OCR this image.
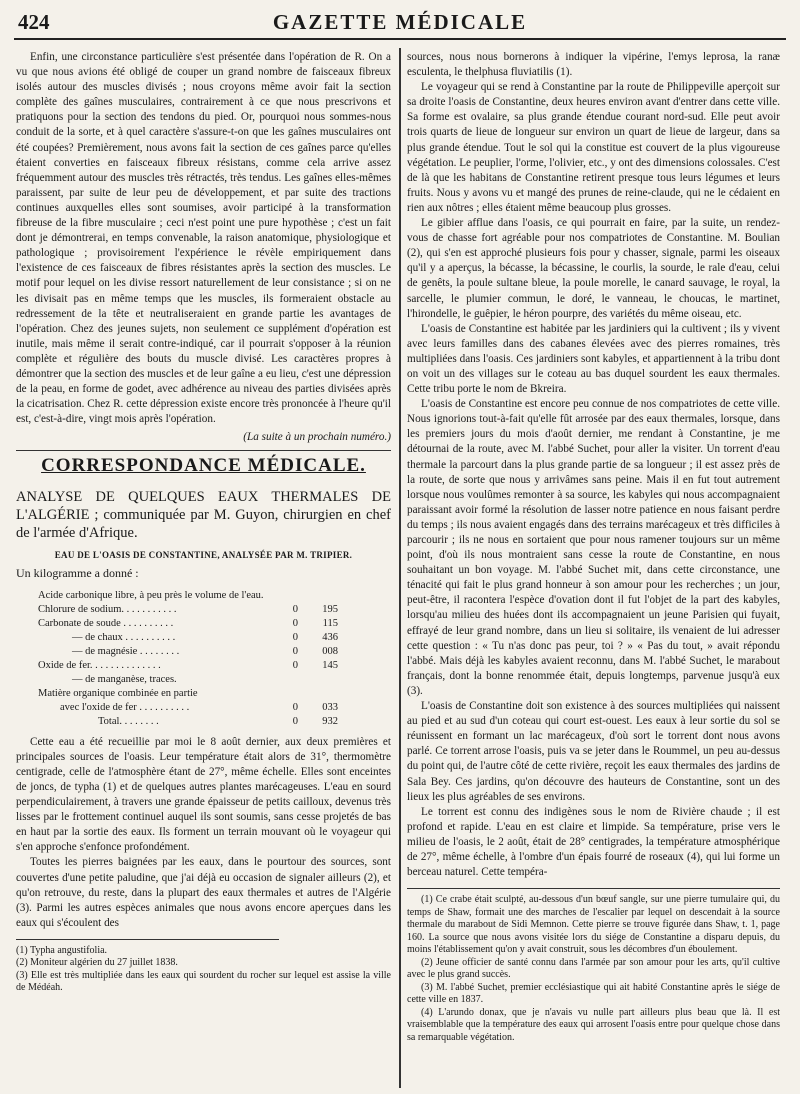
424	GAZETTE MÉDICALE

Enfin, une circonstance particulière s'est présentée dans l'opération de R. On a vu que nous avions été obligé de couper un grand nombre de faisceaux fibreux isolés autour des muscles divisés ; nous croyons même avoir fait la section complète des gaînes musculaires, contrairement à ce que nous prescrivons et pratiquons pour la section des tendons du pied. Or, pourquoi nous sommes-nous conduit de la sorte, et à quel caractère s'assure-t-on que les gaînes musculaires ont été coupées? Premièrement, nous avons fait la section de ces gaînes parce qu'elles étaient converties en faisceaux fibreux résistans, comme cela arrive assez fréquemment autour des muscles très rétractés, très tendus. Les gaînes elles-mêmes paraissent, par suite de leur peu de développement, et par suite des tractions continues auxquelles elles sont soumises, avoir participé à la transformation fibreuse de la fibre musculaire ; ceci n'est point une pure hypothèse ; c'est un fait dont je démontrerai, en temps convenable, la raison anatomique, physiologique et pathologique ; provisoirement l'expérience le révèle empiriquement dans l'existence de ces faisceaux de fibres résistantes après la section des muscles. Le motif pour lequel on les divise ressort naturellement de leur consistance ; si on ne les divisait pas en même temps que les muscles, ils formeraient obstacle au redressement de la tête et neutraliseraient en grande partie les avantages de l'opération. Chez des jeunes sujets, non seulement ce supplément d'opération est inutile, mais même il serait contre-indiqué, car il pourrait s'opposer à la réunion complète et régulière des bouts du muscle divisé. Les caractères propres à démontrer que la section des muscles et de leur gaîne a eu lieu, c'est une dépression de la peau, en forme de godet, avec adhérence au niveau des parties divisées après la cicatrisation. Chez R. cette dépression existe encore très prononcée à l'heure qu'il est, c'est-à-dire, vingt mois après l'opération.

(La suite à un prochain numéro.)
CORRESPONDANCE MÉDICALE.

ANALYSE DE QUELQUES EAUX THERMALES DE L'ALGÉRIE ; communiquée par M. Guyon, chirurgien en chef de l'armée d'Afrique.

EAU DE L'OASIS DE CONSTANTINE, ANALYSÉE PAR M. TRIPIER.

Un kilogramme a donné :

Acide carbonique libre, à peu près le volume de l'eau.		
Chlorure de sodium. . . . . . . . . . .	0	195
Carbonate de soude . . . . . . . . . .	0	115
— de chaux . . . . . . . . . .	0	436
— de magnésie . . . . . . . .	0	008
Oxide de fer. . . . . . . . . . . . . .	0	145
— de manganèse, traces.		
Matière organique combinée en partie		
avec l'oxide de fer . . . . . . . . . .	0	033
Total. . . . . . . .	0	932

Cette eau a été recueillie par moi le 8 août dernier, aux deux premières et principales sources de l'oasis. Leur température était alors de 31°, thermomètre centigrade, celle de l'atmosphère étant de 27°, même échelle. Elles sont enceintes de joncs, de typha (1) et de quelques autres plantes marécageuses. L'eau en sourd perpendiculairement, à travers une grande épaisseur de petits cailloux, devenus très lisses par le frottement continuel auquel ils sont soumis, sans cesse projetés de bas en haut par la sortie des eaux. Ils forment un terrain mouvant où le voyageur qui s'en approche s'enfonce profondément.

Toutes les pierres baignées par les eaux, dans le pourtour des sources, sont couvertes d'une petite paludine, que j'ai déjà eu occasion de signaler ailleurs (2), et qu'on retrouve, du reste, dans la plupart des eaux thermales et autres de l'Algérie (3). Parmi les autres espèces animales que nous avons encore aperçues dans les eaux qui s'écoulent des

(1) Typha angustifolia.
(2) Moniteur algérien du 27 juillet 1838.
(3) Elle est très multipliée dans les eaux qui sourdent du rocher sur lequel est assise la ville de Médéah.

sources, nous nous bornerons à indiquer la vipérine, l'emys leprosa, la ranæ esculenta, le thelphusa fluviatilis (1).

Le voyageur qui se rend à Constantine par la route de Philippeville aperçoit sur sa droite l'oasis de Constantine, deux heures environ avant d'entrer dans cette ville. Sa forme est ovalaire, sa plus grande étendue courant nord-sud. Elle peut avoir trois quarts de lieue de longueur sur environ un quart de lieue de largeur, dans sa plus grande étendue. Tout le sol qui la constitue est couvert de la plus vigoureuse végétation. Le peuplier, l'orme, l'olivier, etc., y ont des dimensions colossales. C'est de là que les habitans de Constantine retirent presque tous leurs légumes et leurs fruits. Nous y avons vu et mangé des prunes de reine-claude, qui ne le cédaient en rien aux nôtres ; elles étaient même beaucoup plus grosses.

Le gibier afflue dans l'oasis, ce qui pourrait en faire, par la suite, un rendez-vous de chasse fort agréable pour nos compatriotes de Constantine. M. Boulian (2), qui s'en est approché plusieurs fois pour y chasser, signale, parmi les oiseaux qu'il y a aperçus, la bécasse, la bécassine, le courlis, la sourde, le rale d'eau, celui de genêts, la poule sultane bleue, la poule morelle, le canard sauvage, le royal, la sarcelle, le plumier commun, le doré, le vanneau, le choucas, le martinet, l'hirondelle, le guêpier, le héron pourpre, des variétés du même oiseau, etc.

L'oasis de Constantine est habitée par les jardiniers qui la cultivent ; ils y vivent avec leurs familles dans des cabanes élevées avec des pierres romaines, très multipliées dans l'oasis. Ces jardiniers sont kabyles, et appartiennent à la tribu dont on voit un des villages sur le coteau au bas duquel sourdent les eaux thermales. Cette tribu porte le nom de Bkreira.

L'oasis de Constantine est encore peu connue de nos compatriotes de cette ville. Nous ignorions tout-à-fait qu'elle fût arrosée par des eaux thermales, lorsque, dans les premiers jours du mois d'août dernier, me rendant à Constantine, je me détournai de la route, avec M. l'abbé Suchet, pour aller la visiter. Un torrent d'eau thermale la parcourt dans la plus grande partie de sa longueur ; il est assez près de la route, de sorte que nous y arrivâmes sans peine. Mais il en fut tout autrement lorsque nous voulûmes remonter à sa source, les kabyles qui nous accompagnaient paraissant avoir formé la résolution de lasser notre patience en nous faisant perdre du temps ; ils nous avaient engagés dans des terrains marécageux et très difficiles à parcourir ; ils ne nous en sortaient que pour nous ramener toujours sur un même point, d'où ils nous montraient sans cesse la route de Constantine, en nous souhaitant un bon voyage. M. l'abbé Suchet mit, dans cette circonstance, une ténacité qui fait le plus grand honneur à son amour pour les recherches ; un jour, peut-être, il racontera l'espèce d'ovation dont il fut l'objet de la part des kabyles, lorsqu'au milieu des huées dont ils accompagnaient un jeune Parisien qui fuyait, effrayé de leur grand nombre, dans un lieu si solitaire, ils venaient de lui adresser cette question : « Tu n'as donc pas peur, toi ? » « Pas du tout, » avait répondu l'abbé. Mais déjà les kabyles avaient reconnu, dans M. l'abbé Suchet, le marabout français, dont la bonne renommée était, depuis longtemps, parvenue jusqu'à eux (3).

L'oasis de Constantine doit son existence à des sources multipliées qui naissent au pied et au sud d'un coteau qui court est-ouest. Les eaux à leur sortie du sol se réunissent en formant un lac marécageux, d'où sort le torrent dont nous avons parlé. Ce torrent arrose l'oasis, puis va se jeter dans le Roummel, un peu au-dessus du point qui, de l'autre côté de cette rivière, reçoit les eaux thermales des jardins de Sala Bey. Ces jardins, qu'on découvre des hauteurs de Constantine, sont un des lieux les plus agréables de ses environs.

Le torrent est connu des indigènes sous le nom de Rivière chaude ; il est profond et rapide. L'eau en est claire et limpide. Sa température, prise vers le milieu de l'oasis, le 2 août, était de 28° centigrades, la température atmosphérique de 27°, même échelle, à l'ombre d'un épais fourré de roseaux (4), qui lui forme un berceau naturel. Cette tempéra-

(1) Ce crabe était sculpté, au-dessous d'un bœuf sangle, sur une pierre tumulaire qui, du temps de Shaw, formait une des marches de l'escalier par lequel on descendait à la source thermale du marabout de Sidi Memnon. Cette pierre se trouve figurée dans Shaw, t. 1, page 160. La source que nous avons visitée lors du siége de Constantine a disparu depuis, du moins l'établissement qu'on y avait construit, sous les décombres d'un éboulement.
(2) Jeune officier de santé connu dans l'armée par son amour pour les arts, qu'il cultive avec le plus grand succès.
(3) M. l'abbé Suchet, premier ecclésiastique qui ait habité Constantine après le siége de cette ville en 1837.
(4) L'arundo donax, que je n'avais vu nulle part ailleurs plus beau que là. Il est vraisemblable que la température des eaux qui arrosent l'oasis entre pour quelque chose dans sa remarquable végétation.
